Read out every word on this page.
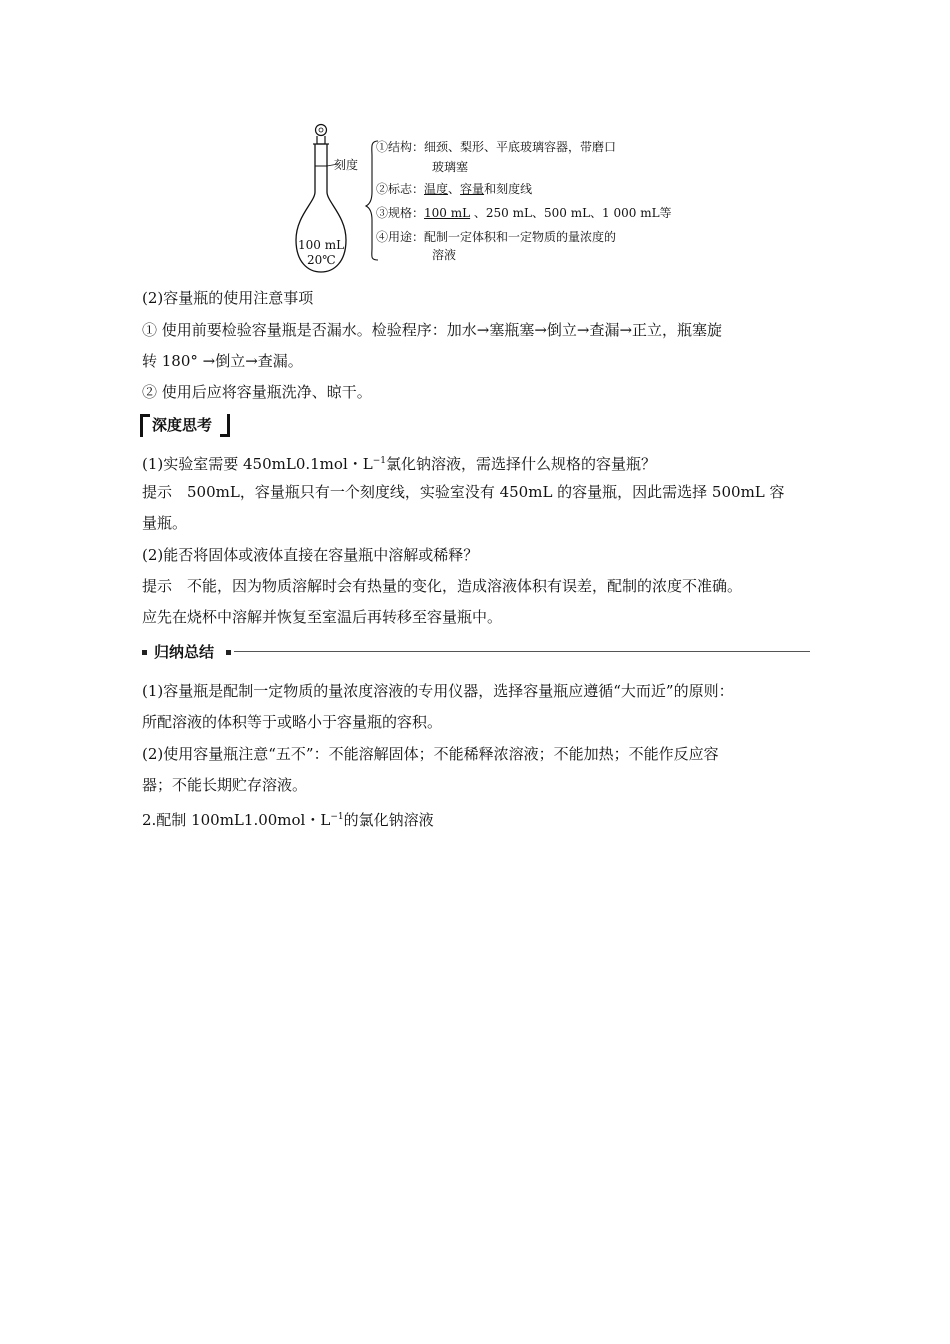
刻度
100 mL
20℃
①结构：细颈、梨形、平底玻璃容器，带磨口
玻璃塞
②标志：温度、容量和刻度线
③规格：100 mL 、250 mL、500 mL、1 000 mL等
④用途：配制一定体积和一定物质的量浓度的
溶液
(2)容量瓶的使用注意事项
① 使用前要检验容量瓶是否漏水。检验程序：加水→塞瓶塞→倒立→查漏→正立，瓶塞旋
转 180° →倒立→查漏。
② 使用后应将容量瓶洗净、晾干。
深度思考
(1)实验室需要 450mL0.1mol・$L^{-1}$氯化钠溶液，需选择什么规格的容量瓶？
提示　500mL，容量瓶只有一个刻度线，实验室没有 450mL 的容量瓶，因此需选择 500mL 容
量瓶。
(2)能否将固体或液体直接在容量瓶中溶解或稀释？
提示　不能，因为物质溶解时会有热量的变化，造成溶液体积有误差，配制的浓度不准确。
应先在烧杯中溶解并恢复至室温后再转移至容量瓶中。
归纳总结
(1)容量瓶是配制一定物质的量浓度溶液的专用仪器，选择容量瓶应遵循“大而近”的原则：
所配溶液的体积等于或略小于容量瓶的容积。
(2)使用容量瓶注意“五不”：不能溶解固体；不能稀释浓溶液；不能加热；不能作反应容
器；不能长期贮存溶液。
2.配制 100mL1.00mol・$L^{-1}$的氯化钠溶液
